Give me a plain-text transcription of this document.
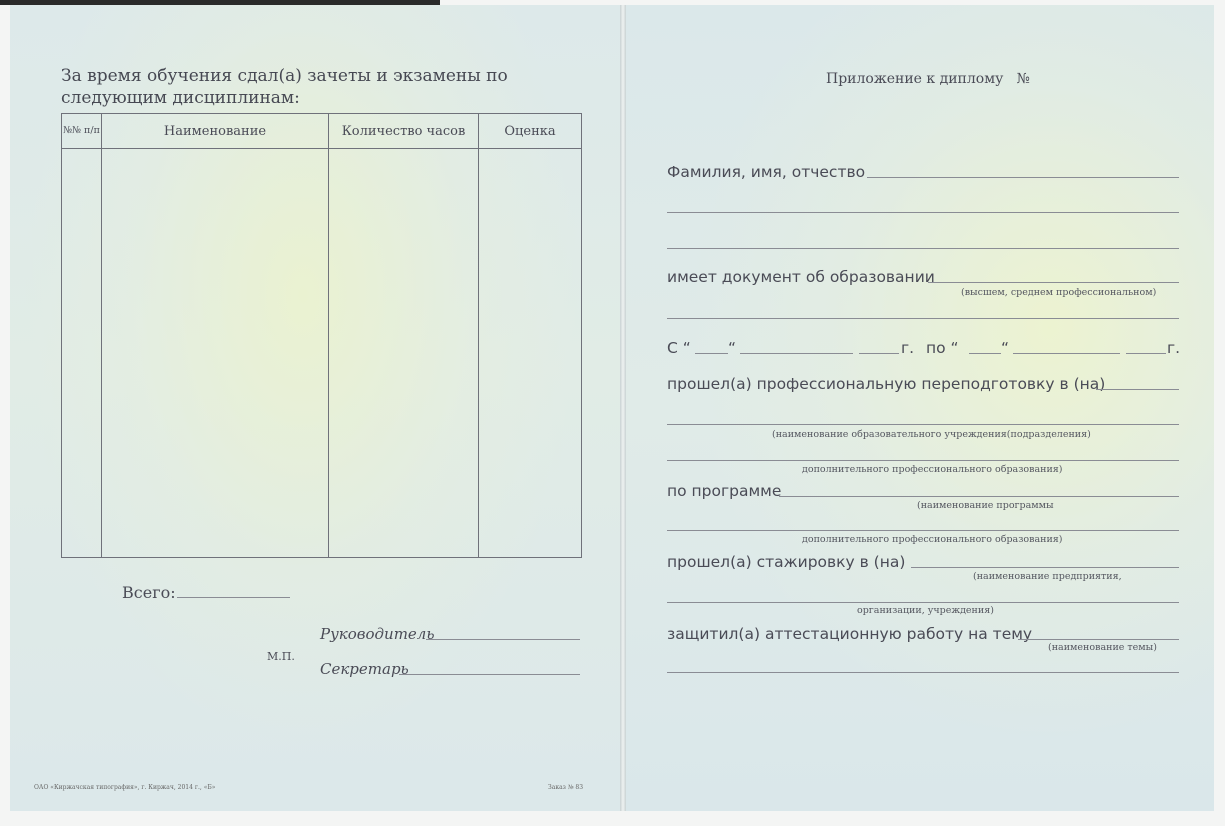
За время обучения сдал(а) зачеты и экзамены по следующим дисциплинам:
№№ п/п	Наименование	Количество часов	Оценка
Всего:
Руководитель
М.П.
Секретарь
ОАО «Киржачская типография», г. Киржач, 2014 г., «Б»	Заказ № 83
Приложение к диплому   №
Фамилия, имя, отчество
имеет документ об образовании
(высшем, среднем профессиональном)
С “ “	г. по “	“	г.
прошел(а) профессиональную переподготовку в (на)
(наименование образовательного учреждения(подразделения)
дополнительного профессионального образования)
по программе
(наименование программы
дополнительного профессионального образования)
прошел(а) стажировку в (на)
(наименование предприятия,
организации, учреждения)
защитил(а) аттестационную работу на тему
(наименование темы)
